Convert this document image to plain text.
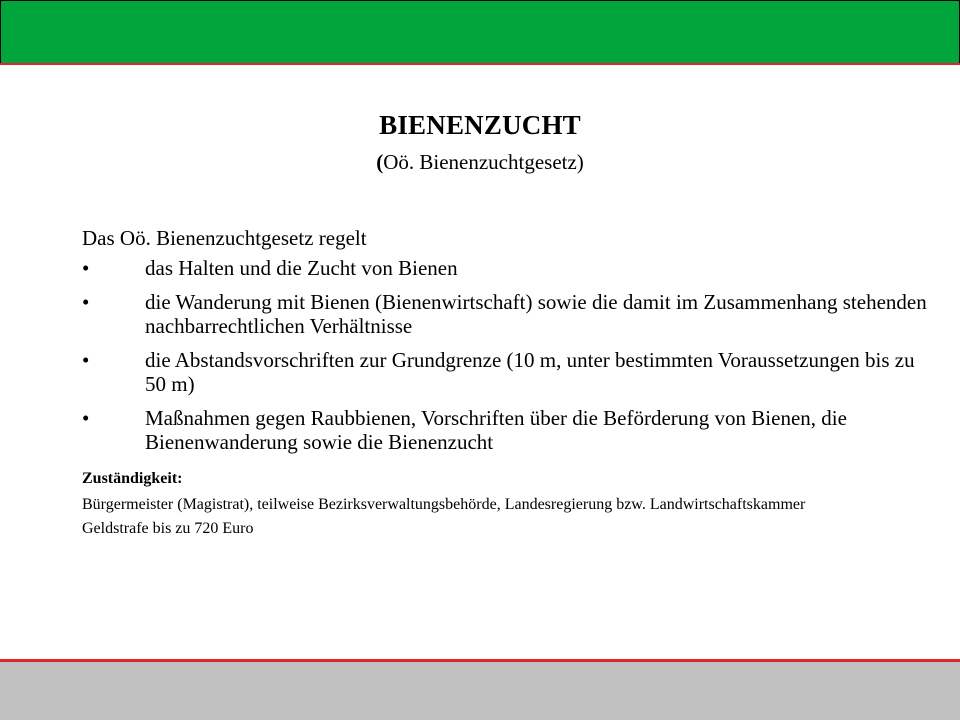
BIENENZUCHT
(Oö. Bienenzuchtgesetz)

Das Oö. Bienenzuchtgesetz regelt

•	das Halten und die Zucht von Bienen
•	die Wanderung mit Bienen (Bienenwirtschaft) sowie die damit im Zusammenhang stehenden nachbarrechtlichen Verhältnisse
•	die Abstandsvorschriften zur Grundgrenze (10 m, unter bestimmten Voraussetzungen bis zu 50 m)
•	Maßnahmen gegen Raubbienen, Vorschriften über die Beförderung von Bienen, die Bienenwanderung sowie die Bienenzucht
Zuständigkeit:
Bürgermeister (Magistrat), teilweise Bezirksverwaltungsbehörde, Landesregierung bzw. Landwirtschaftskammer
Geldstrafe bis zu 720 Euro
